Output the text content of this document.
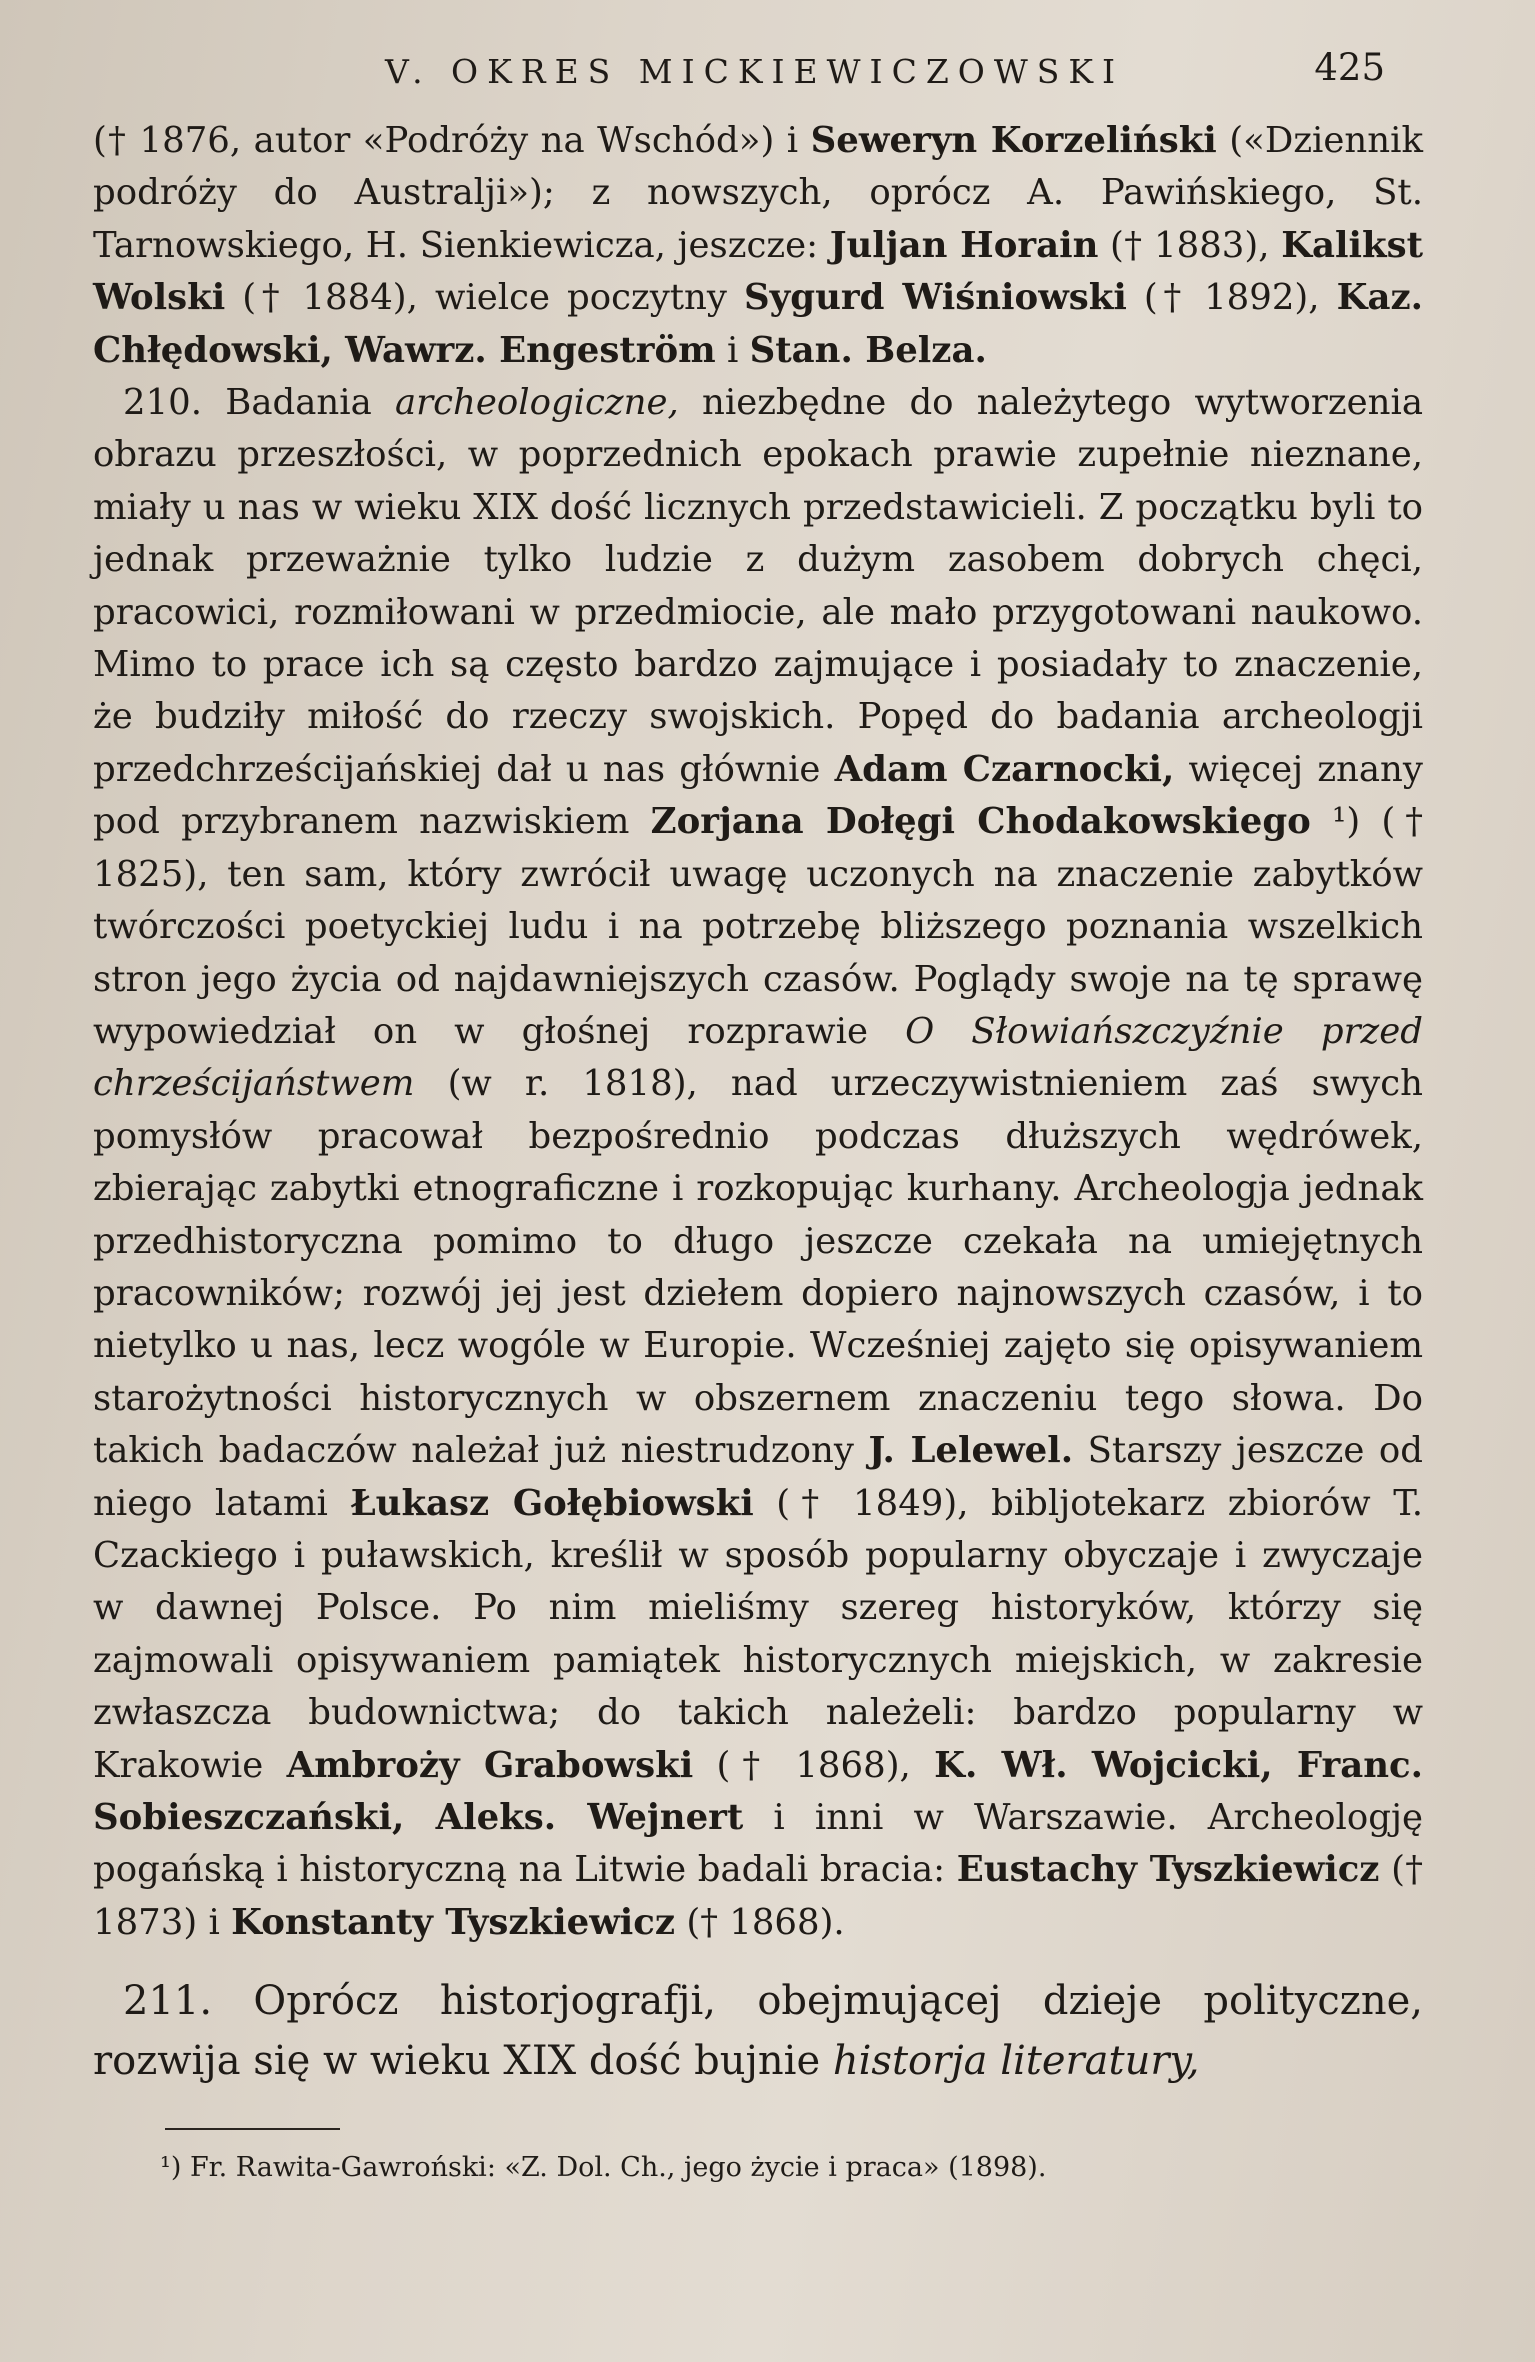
V. OKRES MICKIEWICZOWSKI	425

(† 1876, autor «Podróży na Wschód») i Seweryn Korzeliński («Dziennik podróży do Australji»); z nowszych, oprócz A. Pawińskiego, St. Tarnowskiego, H. Sienkiewicza, jeszcze: Juljan Horain († 1883), Kalikst Wolski († 1884), wielce poczytny Sygurd Wiśniowski († 1892), Kaz. Chłędowski, Wawrz. Engeström i Stan. Belza.

210. Badania archeologiczne, niezbędne do należytego wytworzenia obrazu przeszłości, w poprzednich epokach prawie zupełnie nieznane, miały u nas w wieku XIX dość licznych przedstawicieli. Z początku byli to jednak przeważnie tylko ludzie z dużym zasobem dobrych chęci, pracowici, rozmiłowani w przedmiocie, ale mało przygotowani naukowo. Mimo to prace ich są często bardzo zajmujące i posiadały to znaczenie, że budziły miłość do rzeczy swojskich. Popęd do badania archeologji przedchrześcijańskiej dał u nas głównie Adam Czarnocki, więcej znany pod przybranem nazwiskiem Zorjana Dołęgi Chodakowskiego ¹) († 1825), ten sam, który zwrócił uwagę uczonych na znaczenie zabytków twórczości poetyckiej ludu i na potrzebę bliższego poznania wszelkich stron jego życia od najdawniejszych czasów. Poglądy swoje na tę sprawę wypowiedział on w głośnej rozprawie O Słowiańszczyźnie przed chrześcijaństwem (w r. 1818), nad urzeczywistnieniem zaś swych pomysłów pracował bezpośrednio podczas dłuższych wędrówek, zbierając zabytki etnograficzne i rozkopując kurhany. Archeologja jednak przedhistoryczna pomimo to długo jeszcze czekała na umiejętnych pracowników; rozwój jej jest dziełem dopiero najnowszych czasów, i to nietylko u nas, lecz wogóle w Europie. Wcześniej zajęto się opisywaniem starożytności historycznych w obszernem znaczeniu tego słowa. Do takich badaczów należał już niestrudzony J. Lelewel. Starszy jeszcze od niego latami Łukasz Gołębiowski († 1849), bibljotekarz zbiorów T. Czackiego i puławskich, kreślił w sposób popularny obyczaje i zwyczaje w dawnej Polsce. Po nim mieliśmy szereg historyków, którzy się zajmowali opisywaniem pamiątek historycznych miejskich, w zakresie zwłaszcza budownictwa; do takich należeli: bardzo popularny w Krakowie Ambroży Grabowski († 1868), K. Wł. Wojcicki, Franc. Sobieszczański, Aleks. Wejnert i inni w Warszawie. Archeologję pogańską i historyczną na Litwie badali bracia: Eustachy Tyszkiewicz († 1873) i Konstanty Tyszkiewicz († 1868).

211. Oprócz historjografji, obejmującej dzieje polityczne, rozwija się w wieku XIX dość bujnie historja literatury,

¹) Fr. Rawita-Gawroński: «Z. Dol. Ch., jego życie i praca» (1898).
